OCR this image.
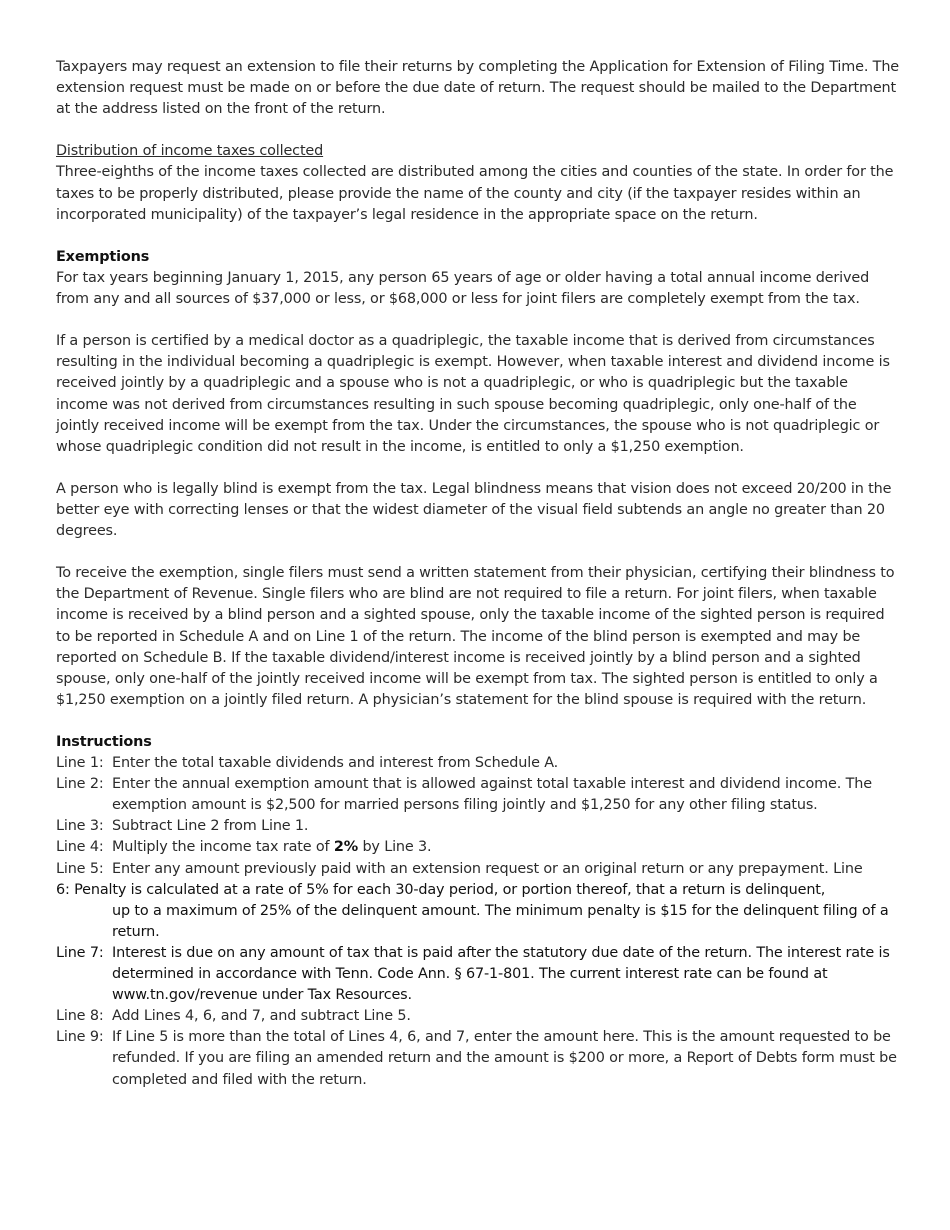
Taxpayers may request an extension to file their returns by completing the Application for Extension of Filing Time. The extension request must be made on or before the due date of return. The request should be mailed to the Department at the address listed on the front of the return.

Distribution of income taxes collected

Three-eighths of the income taxes collected are distributed among the cities and counties of the state. In order for the taxes to be properly distributed, please provide the name of the county and city (if the taxpayer resides within an incorporated municipality) of the taxpayer’s legal residence in the appropriate space on the return.

Exemptions

For tax years beginning January 1, 2015, any person 65 years of age or older having a total annual income derived from any and all sources of $37,000 or less, or $68,000 or less for joint filers are completely exempt from the tax.

If a person is certified by a medical doctor as a quadriplegic, the taxable income that is derived from circumstances resulting in the individual becoming a quadriplegic is exempt. However, when taxable interest and dividend income is received jointly by a quadriplegic and a spouse who is not a quadriplegic, or who is quadriplegic but the taxable income was not derived from circumstances resulting in such spouse becoming quadriplegic, only one-half of the jointly received income will be exempt from the tax. Under the circumstances, the spouse who is not quadriplegic or whose quadriplegic condition did not result in the income, is entitled to only a $1,250 exemption.

A person who is legally blind is exempt from the tax. Legal blindness means that vision does not exceed 20/200 in the better eye with correcting lenses or that the widest diameter of the visual field subtends an angle no greater than 20 degrees.

To receive the exemption, single filers must send a written statement from their physician, certifying their blindness to the Department of Revenue. Single filers who are blind are not required to file a return. For joint filers, when taxable income is received by a blind person and a sighted spouse, only the taxable income of the sighted person is required to be reported in Schedule A and on Line 1 of the return. The income of the blind person is exempted and may be reported on Schedule B. If the taxable dividend/interest income is received jointly by a blind person and a sighted spouse, only one-half of the jointly received income will be exempt from tax. The sighted person is entitled to only a $1,250 exemption on a jointly filed return. A physician’s statement for the blind spouse is required with the return.

Instructions

Line 1: Enter the total taxable dividends and interest from Schedule A.

Line 2: Enter the annual exemption amount that is allowed against total taxable interest and dividend income. The exemption amount is $2,500 for married persons filing jointly and $1,250 for any other filing status.

Line 3: Subtract Line 2 from Line 1.

Line 4: Multiply the income tax rate of 2% by Line 3.

Line 5: Enter any amount previously paid with an extension request or an original return or any prepayment. Line

6: Penalty is calculated at a rate of 5% for each 30-day period, or portion thereof, that a return is delinquent,
up to a maximum of 25% of the delinquent amount. The minimum penalty is $15 for the delinquent filing of a return.

Line 7: Interest is due on any amount of tax that is paid after the statutory due date of the return. The interest rate is determined in accordance with Tenn. Code Ann. § 67-1-801. The current interest rate can be found at www.tn.gov/revenue under Tax Resources.

Line 8: Add Lines 4, 6, and 7, and subtract Line 5.

Line 9: If Line 5 is more than the total of Lines 4, 6, and 7, enter the amount here. This is the amount requested to be refunded. If you are filing an amended return and the amount is $200 or more, a Report of Debts form must be completed and filed with the return.
